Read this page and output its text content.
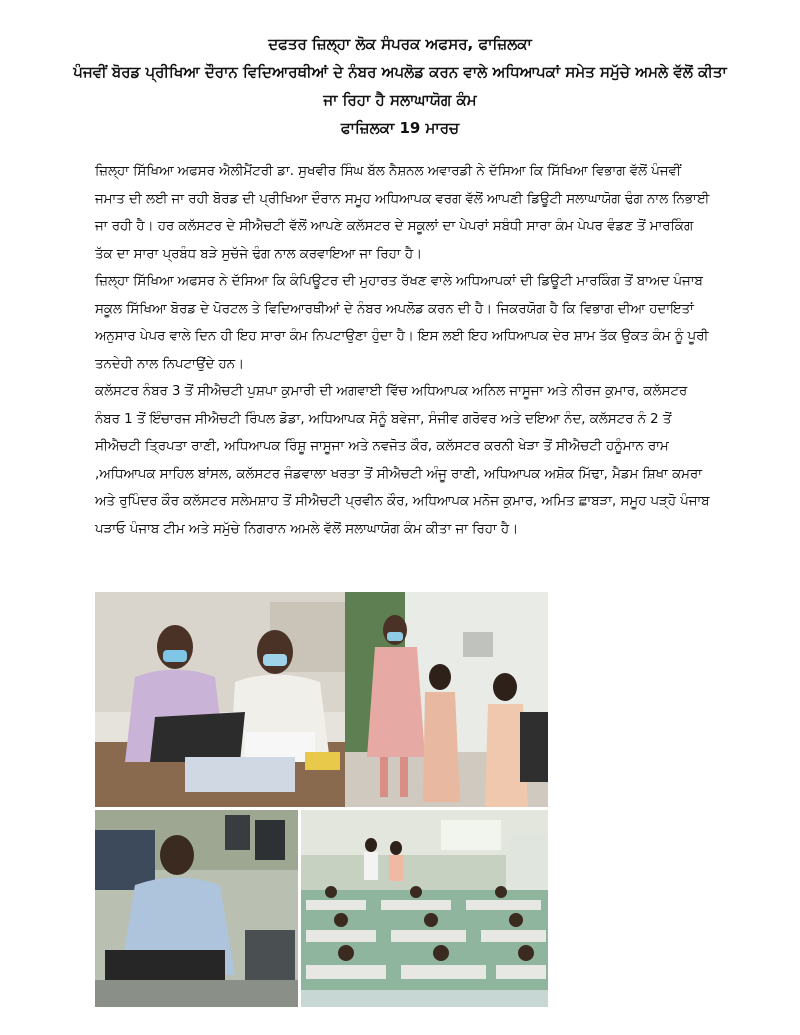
ਦਫਤਰ ਜ਼ਿਲ੍ਹਾ ਲੋਕ ਸੰਪਰਕ ਅਫਸਰ, ਫਾਜ਼ਿਲਕਾ
ਪੰਜਵੀਂ ਬੋਰਡ ਪ੍ਰੀਖਿਆ ਦੌਰਾਨ ਵਿਦਿਆਰਥੀਆਂ ਦੇ ਨੰਬਰ ਅਪਲੋਡ ਕਰਨ ਵਾਲੇ ਅਧਿਆਪਕਾਂ ਸਮੇਤ ਸਮੁੱਚੇ ਅਮਲੇ ਵੱਲੋਂ ਕੀਤਾ
ਜਾ ਰਿਹਾ ਹੈ ਸਲਾਘਾਯੋਗ ਕੰਮ
ਫਾਜ਼ਿਲਕਾ 19 ਮਾਰਚ

ਜ਼ਿਲ੍ਹਾ ਸਿੱਖਿਆ ਅਫਸਰ ਐਲੀਮੈਂਟਰੀ ਡਾ. ਸੁਖਵੀਰ ਸਿੰਘ ਬੱਲ ਨੈਸ਼ਨਲ ਅਵਾਰਡੀ ਨੇ ਦੱਸਿਆ ਕਿ ਸਿੱਖਿਆ ਵਿਭਾਗ ਵੱਲੋਂ ਪੰਜਵੀਂ ਜਮਾਤ ਦੀ ਲਈ ਜਾ ਰਹੀ ਬੋਰਡ ਦੀ ਪ੍ਰੀਖਿਆ ਦੌਰਾਨ ਸਮੂਹ ਅਧਿਆਪਕ ਵਰਗ ਵੱਲੋਂ ਆਪਣੀ ਡਿਊਟੀ ਸਲਾਘਾਯੋਗ ਢੰਗ ਨਾਲ ਨਿਭਾਈ ਜਾ ਰਹੀ ਹੈ। ਹਰ ਕਲੱਸਟਰ ਦੇ ਸੀਐਚਟੀ ਵੱਲੋਂ ਆਪਣੇ ਕਲੱਸਟਰ ਦੇ ਸਕੂਲਾਂ ਦਾ ਪੇਪਰਾਂ ਸਬੰਧੀ ਸਾਰਾ ਕੰਮ ਪੇਪਰ ਵੰਡਣ ਤੋਂ ਮਾਰਕਿੰਗ ਤੱਕ ਦਾ ਸਾਰਾ ਪ੍ਰਬੰਧ ਬੜੇ ਸੁਚੱਜੇ ਢੰਗ ਨਾਲ ਕਰਵਾਇਆ ਜਾ ਰਿਹਾ ਹੈ।

ਜ਼ਿਲ੍ਹਾ ਸਿੱਖਿਆ ਅਫਸਰ ਨੇ ਦੱਸਿਆ ਕਿ ਕੰਪਿਊਟਰ ਦੀ ਮੁਹਾਰਤ ਰੱਖਣ ਵਾਲੇ ਅਧਿਆਪਕਾਂ ਦੀ ਡਿਊਟੀ ਮਾਰਕਿੰਗ ਤੋਂ ਬਾਅਦ ਪੰਜਾਬ ਸਕੂਲ ਸਿੱਖਿਆ ਬੋਰਡ ਦੇ ਪੋਰਟਲ ਤੇ ਵਿਦਿਆਰਥੀਆਂ ਦੇ ਨੰਬਰ ਅਪਲੋਡ ਕਰਨ ਦੀ ਹੈ। ਜਿਕਰਯੋਗ ਹੈ ਕਿ ਵਿਭਾਗ ਦੀਆ ਹਦਾਇਤਾਂ ਅਨੁਸਾਰ ਪੇਪਰ ਵਾਲੇ ਦਿਨ ਹੀ ਇਹ ਸਾਰਾ ਕੰਮ ਨਿਪਟਾਉਣਾ ਹੁੰਦਾ ਹੈ। ਇਸ ਲਈ ਇਹ ਅਧਿਆਪਕ ਦੇਰ ਸ਼ਾਮ ਤੱਕ ਉਕਤ ਕੰਮ ਨੂੰ ਪੂਰੀ ਤਨਦੇਹੀ ਨਾਲ ਨਿਪਟਾਉਂਦੇ ਹਨ।

ਕਲੱਸਟਰ ਨੰਬਰ 3 ਤੋਂ ਸੀਐਚਟੀ ਪੁਸ਼ਪਾ ਕੁਮਾਰੀ ਦੀ ਅਗਵਾਈ ਵਿੱਚ ਅਧਿਆਪਕ ਅਨਿਲ ਜਾਸੂਜਾ ਅਤੇ ਨੀਰਜ ਕੁਮਾਰ, ਕਲੱਸਟਰ ਨੰਬਰ 1 ਤੋਂ ਇੰਚਾਰਜ ਸੀਐਚਟੀ ਰਿੰਪਲ ਡੋਡਾ, ਅਧਿਆਪਕ ਸੋਨੂੰ ਬਵੇਜਾ, ਸੰਜੀਵ ਗਰੋਵਰ ਅਤੇ ਦਇਆ ਨੰਦ, ਕਲੱਸਟਰ ਨੰ 2 ਤੋਂ ਸੀਐਚਟੀ ਤ੍ਰਿਪਤਾ ਰਾਣੀ, ਅਧਿਆਪਕ ਰਿੰਸ਼ੂ ਜਾਸੂਜਾ ਅਤੇ ਨਵਜੋਤ ਕੌਰ, ਕਲੱਸਟਰ ਕਰਨੀ ਖੇੜਾ ਤੋਂ ਸੀਐਚਟੀ ਹਨੂੰਮਾਨ ਰਾਮ ,ਅਧਿਆਪਕ ਸਾਹਿਲ ਬਾਂਸਲ, ਕਲੱਸਟਰ ਜੰਡਵਾਲਾ ਖਰਤਾ ਤੋਂ ਸੀਐਚਟੀ ਅੰਜੂ ਰਾਣੀ, ਅਧਿਆਪਕ ਅਸ਼ੋਕ ਮਿੱਢਾ, ਮੈਡਮ ਸ਼ਿਖਾ ਕਮਰਾ ਅਤੇ ਰੁਪਿੰਦਰ ਕੌਰ ਕਲੱਸਟਰ ਸਲੇਮਸ਼ਾਹ ਤੋਂ ਸੀਐਚਟੀ ਪ੍ਰਵੀਨ ਕੌਰ, ਅਧਿਆਪਕ ਮਨੋਜ ਕੁਮਾਰ, ਅਮਿਤ ਛਾਬੜਾ, ਸਮੂਹ ਪੜ੍ਹੋ ਪੰਜਾਬ ਪੜਾਓ ਪੰਜਾਬ ਟੀਮ ਅਤੇ ਸਮੁੱਚੇ ਨਿਗਰਾਨ ਅਮਲੇ ਵੱਲੋਂ ਸਲਾਘਾਯੋਗ ਕੰਮ ਕੀਤਾ ਜਾ ਰਿਹਾ ਹੈ।
